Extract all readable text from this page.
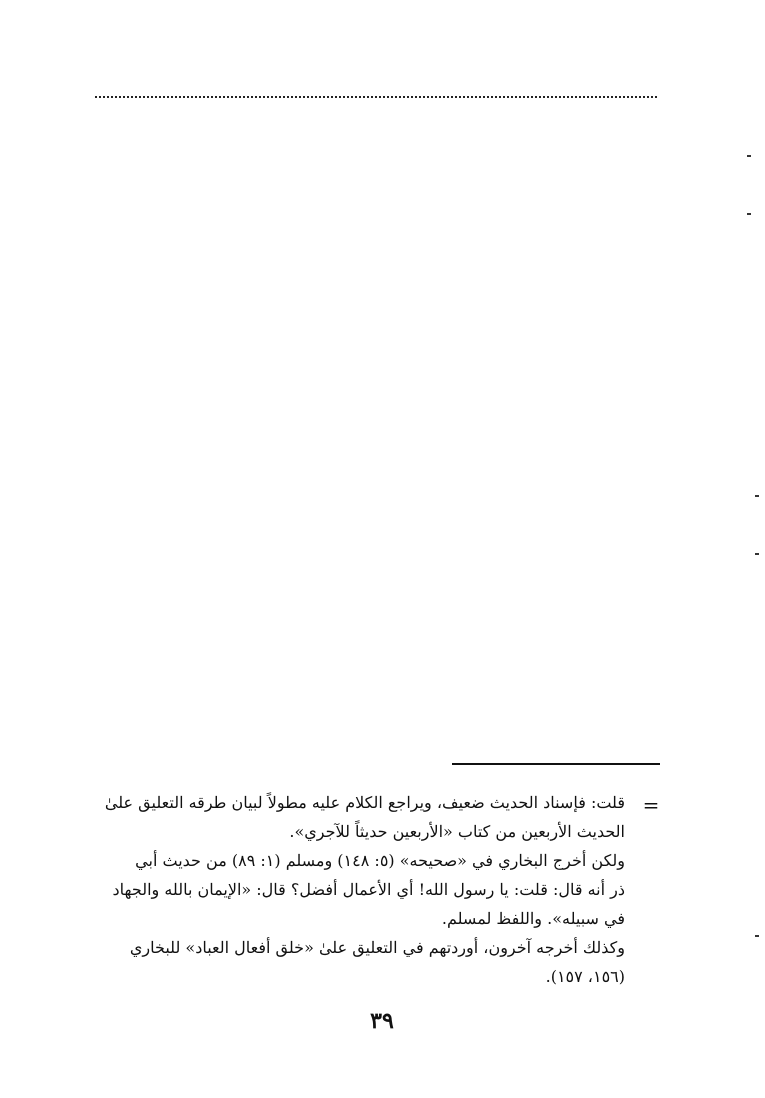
=
قلت: فإسناد الحديث ضعيف، ويراجع الكلام عليه مطولاً لبيان طرقه التعليق علىٰ
الحديث الأربعين من كتاب «الأربعين حديثاً للآجري».
ولكن أخرج البخاري في «صحيحه» (٥: ١٤٨) ومسلم (١: ٨٩) من حديث أبي
ذر أنه قال: قلت: يا رسول الله! أي الأعمال أفضل؟ قال: «الإيمان بالله والجهاد
في سبيله». واللفظ لمسلم.
وكذلك أخرجه آخرون، أوردتهم في التعليق علىٰ «خلق أفعال العباد» للبخاري
(١٥٦، ١٥٧).
٣٩
